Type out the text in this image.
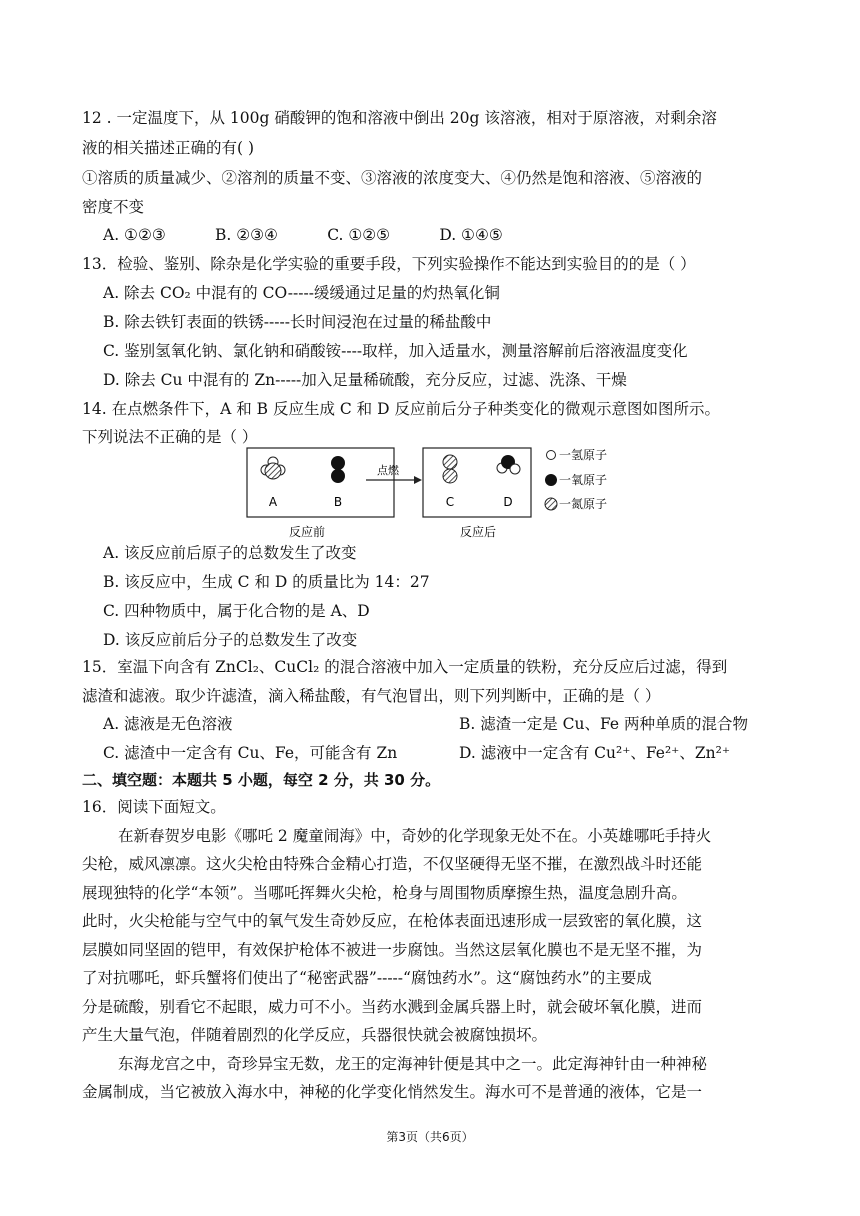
12 . 一定温度下，从 100g 硝酸钾的饱和溶液中倒出 20g 该溶液，相对于原溶液，对剩余溶
液的相关描述正确的有( )
①溶质的质量减少、②溶剂的质量不变、③溶液的浓度变大、④仍然是饱和溶液、⑤溶液的
密度不变
A. ①②③          B. ②③④          C. ①②⑤          D. ①④⑤
13．检验、鉴别、除杂是化学实验的重要手段，下列实验操作不能达到实验目的的是（ ）
A. 除去 CO₂ 中混有的 CO-----缓缓通过足量的灼热氧化铜
B. 除去铁钉表面的铁锈-----长时间浸泡在过量的稀盐酸中
C. 鉴别氢氧化钠、氯化钠和硝酸铵----取样，加入适量水，测量溶解前后溶液温度变化
D. 除去 Cu 中混有的 Zn-----加入足量稀硫酸，充分反应，过滤、洗涤、干燥
14. 在点燃条件下，A 和 B 反应生成 C 和 D 反应前后分子种类变化的微观示意图如图所示。
下列说法不正确的是（ ）
A	B
点燃
C	D
一氢原子
一氧原子
一氮原子
反应前	反应后
A. 该反应前后原子的总数发生了改变
B. 该反应中，生成 C 和 D 的质量比为 14：27
C. 四种物质中，属于化合物的是 A、D
D. 该反应前后分子的总数发生了改变
15．室温下向含有 ZnCl₂、CuCl₂ 的混合溶液中加入一定质量的铁粉，充分反应后过滤，得到
滤渣和滤液。取少许滤渣，滴入稀盐酸，有气泡冒出，则下列判断中，正确的是（ ）
A. 滤液是无色溶液	B. 滤渣一定是 Cu、Fe 两种单质的混合物
C. 滤渣中一定含有 Cu、Fe，可能含有 Zn	D. 滤液中一定含有 Cu²⁺、Fe²⁺、Zn²⁺
二、填空题：本题共 5 小题，每空 2 分，共 30 分。
16．阅读下面短文。
在新春贺岁电影《哪吒 2 魔童闹海》中，奇妙的化学现象无处不在。小英雄哪吒手持火
尖枪，威风凛凛。这火尖枪由特殊合金精心打造，不仅坚硬得无坚不摧，在激烈战斗时还能
展现独特的化学“本领”。当哪吒挥舞火尖枪，枪身与周围物质摩擦生热，温度急剧升高。
此时，火尖枪能与空气中的氧气发生奇妙反应，在枪体表面迅速形成一层致密的氧化膜，这
层膜如同坚固的铠甲，有效保护枪体不被进一步腐蚀。当然这层氧化膜也不是无坚不摧，为
了对抗哪吒，虾兵蟹将们使出了“秘密武器”-----“腐蚀药水”。这“腐蚀药水”的主要成
分是硫酸，别看它不起眼，威力可不小。当药水溅到金属兵器上时，就会破坏氧化膜，进而
产生大量气泡，伴随着剧烈的化学反应，兵器很快就会被腐蚀损坏。
东海龙宫之中，奇珍异宝无数，龙王的定海神针便是其中之一。此定海神针由一种神秘
金属制成，当它被放入海水中，神秘的化学变化悄然发生。海水可不是普通的液体，它是一
第3页（共6页）
